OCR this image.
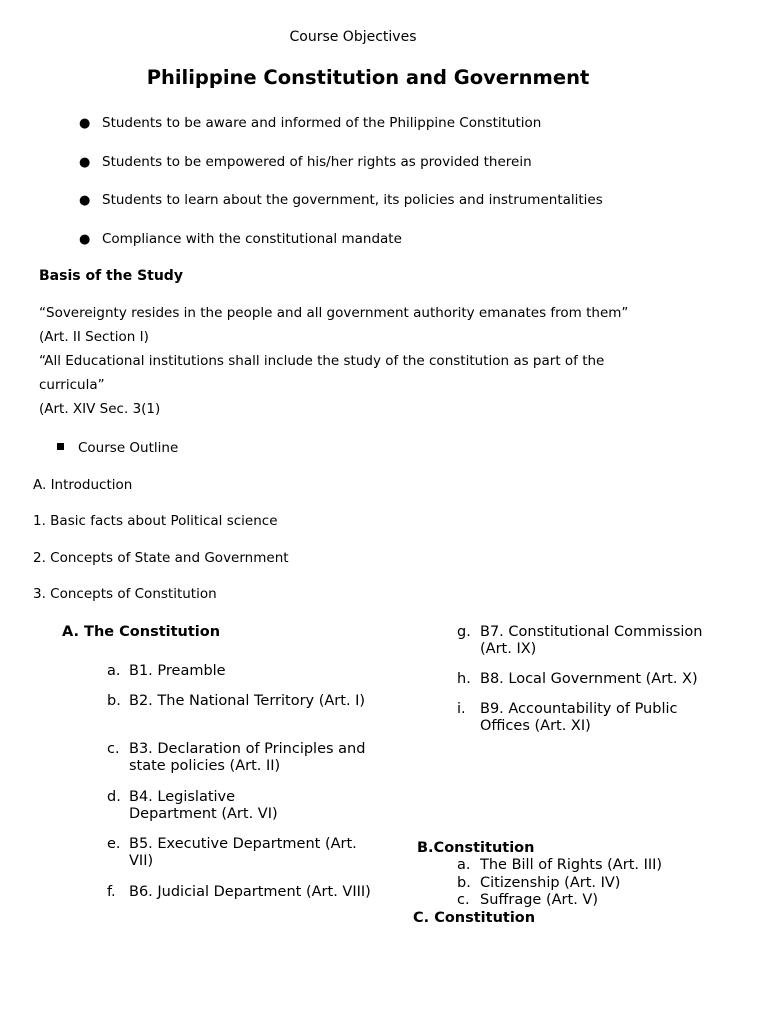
Course Objectives
Philippine Constitution and Government
● Students to be aware and informed of the Philippine Constitution
● Students to be empowered of his/her rights as provided therein
● Students to learn about the government, its policies and instrumentalities
● Compliance with the constitutional mandate
Basis of the Study
“Sovereignty resides in the people and all government authority emanates from them”
(Art. II Section I)
“All Educational institutions shall include the study of the constitution as part of the
curricula”
(Art. XIV Sec. 3(1)
Course Outline
A. Introduction
1. Basic facts about Political science
2. Concepts of State and Government
3. Concepts of Constitution
A. The Constitution
a. B1. Preamble
b. B2. The National Territory (Art. I)
c. B3. Declaration of Principles and state policies (Art. II)
d. B4. Legislative Department (Art. VI)
e. B5. Executive Department (Art. VII)
f. B6. Judicial Department (Art. VIII)
g. B7. Constitutional Commission (Art. IX)
h. B8. Local Government (Art. X)
i. B9. Accountability of Public Offices (Art. XI)
B.Constitution
a. The Bill of Rights (Art. III)
b. Citizenship (Art. IV)
c. Suffrage (Art. V)
C. Constitution
